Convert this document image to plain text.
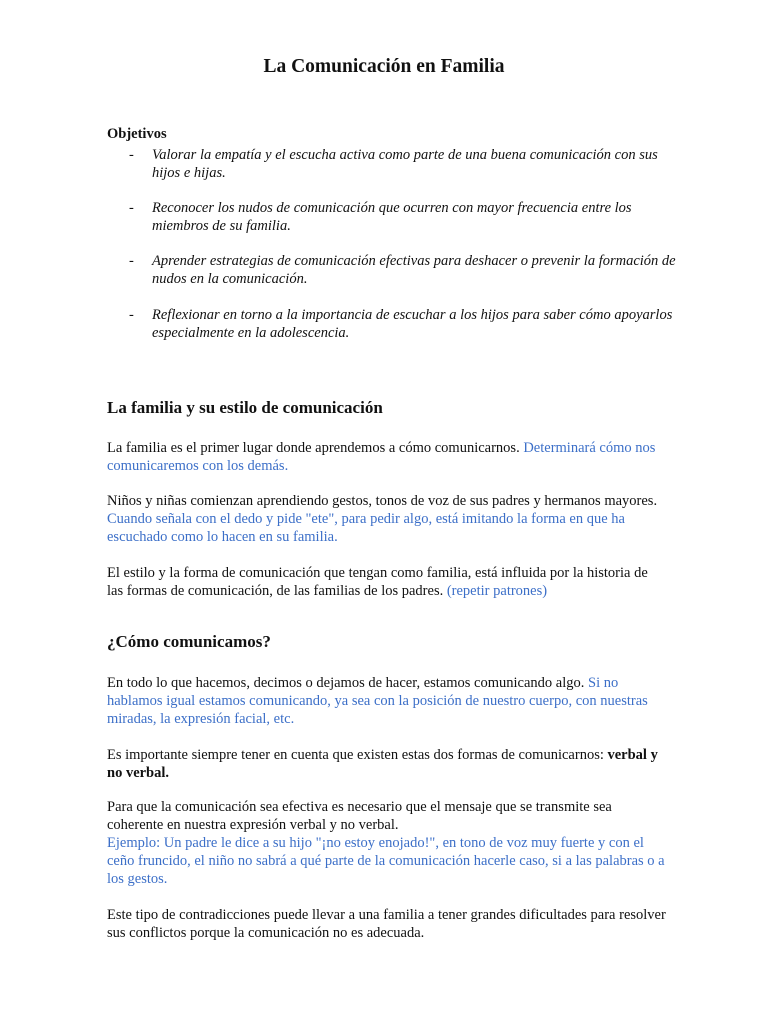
La Comunicación en Familia
Objetivos
- Valorar la empatía y el escucha activa como parte de una buena comunicación con sus hijos e hijas.
- Reconocer los nudos de comunicación que ocurren con mayor frecuencia entre los miembros de su familia.
- Aprender estrategias de comunicación efectivas para deshacer o prevenir la formación de nudos en la comunicación.
- Reflexionar en torno a la importancia de escuchar a los hijos para saber cómo apoyarlos especialmente en la adolescencia.
La familia y su estilo de comunicación
La familia es el primer lugar donde aprendemos a cómo comunicarnos. Determinará cómo nos comunicaremos con los demás.
Niños y niñas comienzan aprendiendo gestos, tonos de voz de sus padres y hermanos mayores. Cuando señala con el dedo y pide "ete", para pedir algo, está imitando la forma en que ha escuchado como lo hacen en su familia.
El estilo y la forma de comunicación que tengan como familia, está influida por la historia de las formas de comunicación, de las familias de los padres. (repetir patrones)
¿Cómo comunicamos?
En todo lo que hacemos, decimos o dejamos de hacer, estamos comunicando algo. Si no hablamos igual estamos comunicando, ya sea con la posición de nuestro cuerpo, con nuestras miradas, la expresión facial, etc.
Es importante siempre tener en cuenta que existen estas dos formas de comunicarnos: verbal y no verbal.
Para que la comunicación sea efectiva es necesario que el mensaje que se transmite sea coherente en nuestra expresión verbal y no verbal.
Ejemplo: Un padre le dice a su hijo "¡no estoy enojado!", en tono de voz muy fuerte y con el ceño fruncido, el niño no sabrá a qué parte de la comunicación hacerle caso, si a las palabras o a los gestos.
Este tipo de contradicciones puede llevar a una familia a tener grandes dificultades para resolver sus conflictos porque la comunicación no es adecuada.
